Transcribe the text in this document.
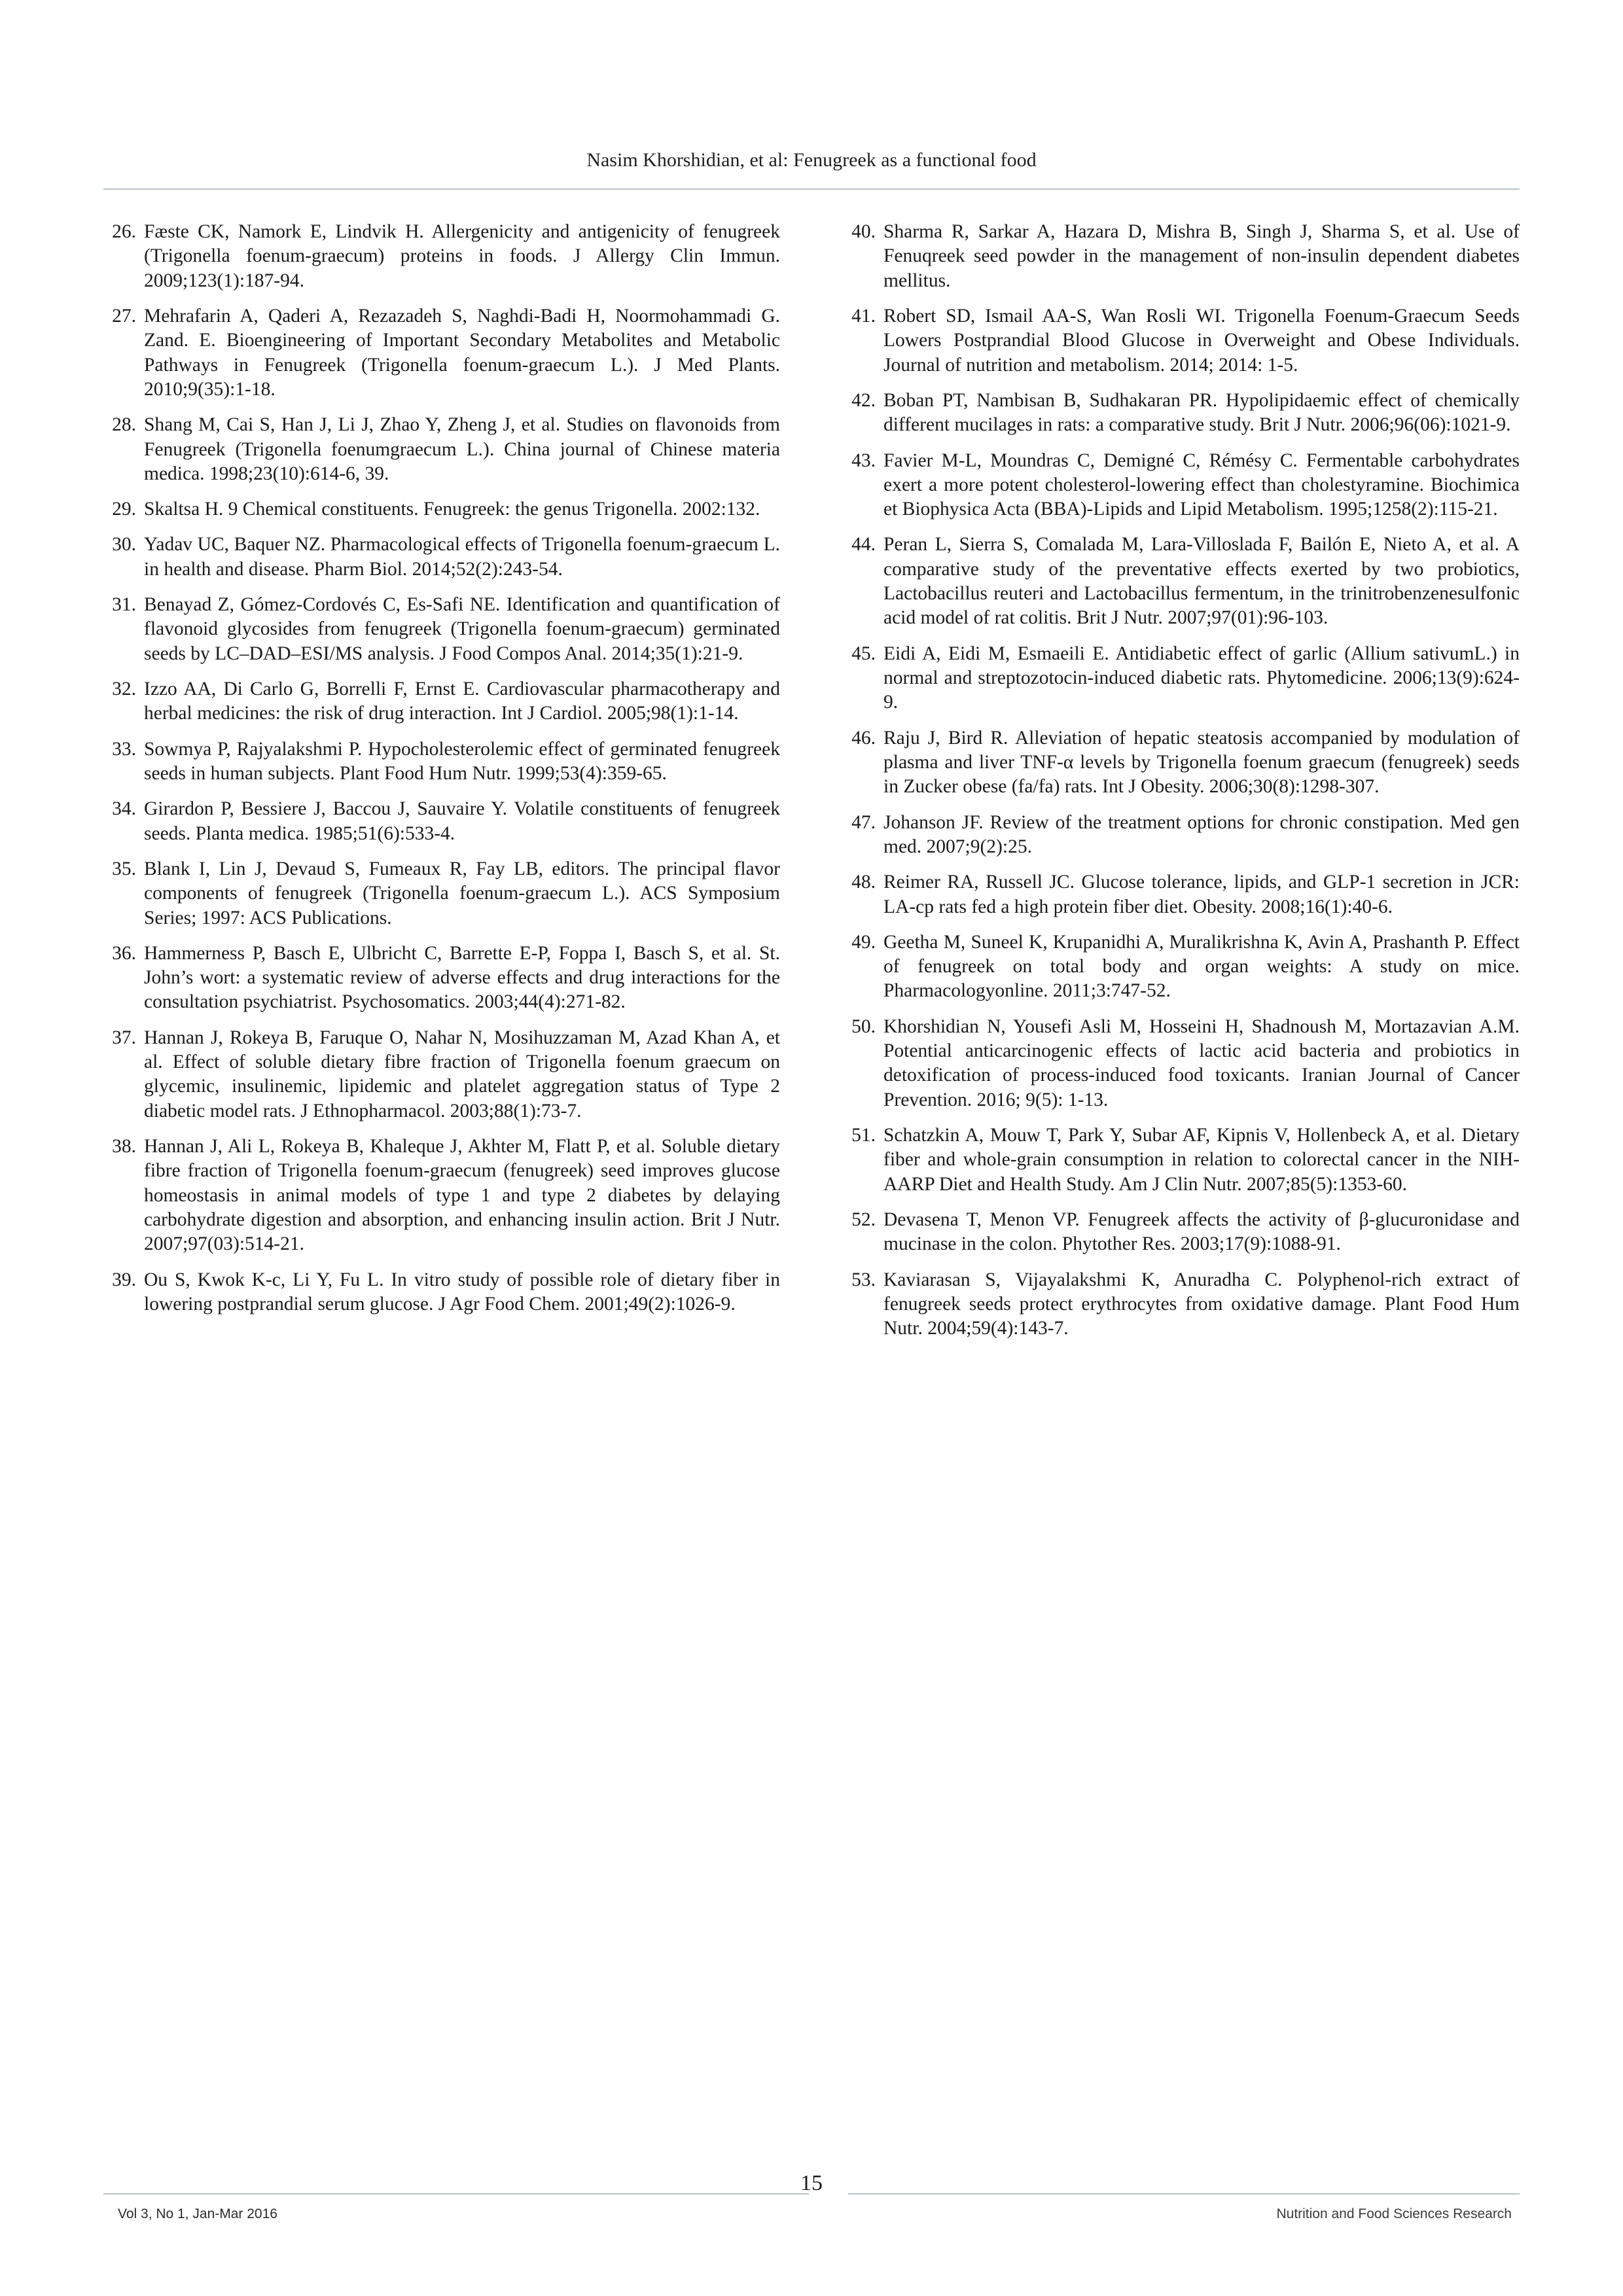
Nasim Khorshidian, et al: Fenugreek as a functional food
26. Fæste CK, Namork E, Lindvik H. Allergenicity and antigenicity of fenugreek (Trigonella foenum-graecum) proteins in foods. J Allergy Clin Immun. 2009;123(1):187-94.
27. Mehrafarin A, Qaderi A, Rezazadeh S, Naghdi-Badi H, Noormohammadi G. Zand. E. Bioengineering of Important Secondary Metabolites and Metabolic Pathways in Fenugreek (Trigonella foenum-graecum L.). J Med Plants. 2010;9(35):1-18.
28. Shang M, Cai S, Han J, Li J, Zhao Y, Zheng J, et al. Studies on flavonoids from Fenugreek (Trigonella foenumgraecum L.). China journal of Chinese materia medica. 1998;23(10):614-6, 39.
29. Skaltsa H. 9 Chemical constituents. Fenugreek: the genus Trigonella. 2002:132.
30. Yadav UC, Baquer NZ. Pharmacological effects of Trigonella foenum-graecum L. in health and disease. Pharm Biol. 2014;52(2):243-54.
31. Benayad Z, Gómez-Cordovés C, Es-Safi NE. Identification and quantification of flavonoid glycosides from fenugreek (Trigonella foenum-graecum) germinated seeds by LC–DAD–ESI/MS analysis. J Food Compos Anal. 2014;35(1):21-9.
32. Izzo AA, Di Carlo G, Borrelli F, Ernst E. Cardiovascular pharmacotherapy and herbal medicines: the risk of drug interaction. Int J Cardiol. 2005;98(1):1-14.
33. Sowmya P, Rajyalakshmi P. Hypocholesterolemic effect of germinated fenugreek seeds in human subjects. Plant Food Hum Nutr. 1999;53(4):359-65.
34. Girardon P, Bessiere J, Baccou J, Sauvaire Y. Volatile constituents of fenugreek seeds. Planta medica. 1985;51(6):533-4.
35. Blank I, Lin J, Devaud S, Fumeaux R, Fay LB, editors. The principal flavor components of fenugreek (Trigonella foenum-graecum L.). ACS Symposium Series; 1997: ACS Publications.
36. Hammerness P, Basch E, Ulbricht C, Barrette E-P, Foppa I, Basch S, et al. St. John’s wort: a systematic review of adverse effects and drug interactions for the consultation psychiatrist. Psychosomatics. 2003;44(4):271-82.
37. Hannan J, Rokeya B, Faruque O, Nahar N, Mosihuzzaman M, Azad Khan A, et al. Effect of soluble dietary fibre fraction of Trigonella foenum graecum on glycemic, insulinemic, lipidemic and platelet aggregation status of Type 2 diabetic model rats. J Ethnopharmacol. 2003;88(1):73-7.
38. Hannan J, Ali L, Rokeya B, Khaleque J, Akhter M, Flatt P, et al. Soluble dietary fibre fraction of Trigonella foenum-graecum (fenugreek) seed improves glucose homeostasis in animal models of type 1 and type 2 diabetes by delaying carbohydrate digestion and absorption, and enhancing insulin action. Brit J Nutr. 2007;97(03):514-21.
39. Ou S, Kwok K-c, Li Y, Fu L. In vitro study of possible role of dietary fiber in lowering postprandial serum glucose. J Agr Food Chem. 2001;49(2):1026-9.
40. Sharma R, Sarkar A, Hazara D, Mishra B, Singh J, Sharma S, et al. Use of Fenuqreek seed powder in the management of non-insulin dependent diabetes mellitus.
41. Robert SD, Ismail AA-S, Wan Rosli WI. Trigonella Foenum-Graecum Seeds Lowers Postprandial Blood Glucose in Overweight and Obese Individuals. Journal of nutrition and metabolism. 2014; 2014: 1-5.
42. Boban PT, Nambisan B, Sudhakaran PR. Hypolipidaemic effect of chemically different mucilages in rats: a comparative study. Brit J Nutr. 2006;96(06):1021-9.
43. Favier M-L, Moundras C, Demigné C, Rémésy C. Fermentable carbohydrates exert a more potent cholesterol-lowering effect than cholestyramine. Biochimica et Biophysica Acta (BBA)-Lipids and Lipid Metabolism. 1995;1258(2):115-21.
44. Peran L, Sierra S, Comalada M, Lara-Villoslada F, Bailón E, Nieto A, et al. A comparative study of the preventative effects exerted by two probiotics, Lactobacillus reuteri and Lactobacillus fermentum, in the trinitrobenzenesulfonic acid model of rat colitis. Brit J Nutr. 2007;97(01):96-103.
45. Eidi A, Eidi M, Esmaeili E. Antidiabetic effect of garlic (Allium sativumL.) in normal and streptozotocin-induced diabetic rats. Phytomedicine. 2006;13(9):624-9.
46. Raju J, Bird R. Alleviation of hepatic steatosis accompanied by modulation of plasma and liver TNF-α levels by Trigonella foenum graecum (fenugreek) seeds in Zucker obese (fa/fa) rats. Int J Obesity. 2006;30(8):1298-307.
47. Johanson JF. Review of the treatment options for chronic constipation. Med gen med. 2007;9(2):25.
48. Reimer RA, Russell JC. Glucose tolerance, lipids, and GLP-1 secretion in JCR: LA-cp rats fed a high protein fiber diet. Obesity. 2008;16(1):40-6.
49. Geetha M, Suneel K, Krupanidhi A, Muralikrishna K, Avin A, Prashanth P. Effect of fenugreek on total body and organ weights: A study on mice. Pharmacologyonline. 2011;3:747-52.
50. Khorshidian N, Yousefi Asli M, Hosseini H, Shadnoush M, Mortazavian A.M. Potential anticarcinogenic effects of lactic acid bacteria and probiotics in detoxification of process-induced food toxicants. Iranian Journal of Cancer Prevention. 2016; 9(5): 1-13.
51. Schatzkin A, Mouw T, Park Y, Subar AF, Kipnis V, Hollenbeck A, et al. Dietary fiber and whole-grain consumption in relation to colorectal cancer in the NIH-AARP Diet and Health Study. Am J Clin Nutr. 2007;85(5):1353-60.
52. Devasena T, Menon VP. Fenugreek affects the activity of β-glucuronidase and mucinase in the colon. Phytother Res. 2003;17(9):1088-91.
53. Kaviarasan S, Vijayalakshmi K, Anuradha C. Polyphenol-rich extract of fenugreek seeds protect erythrocytes from oxidative damage. Plant Food Hum Nutr. 2004;59(4):143-7.
15
Vol 3, No 1, Jan-Mar 2016	Nutrition and Food Sciences Research
